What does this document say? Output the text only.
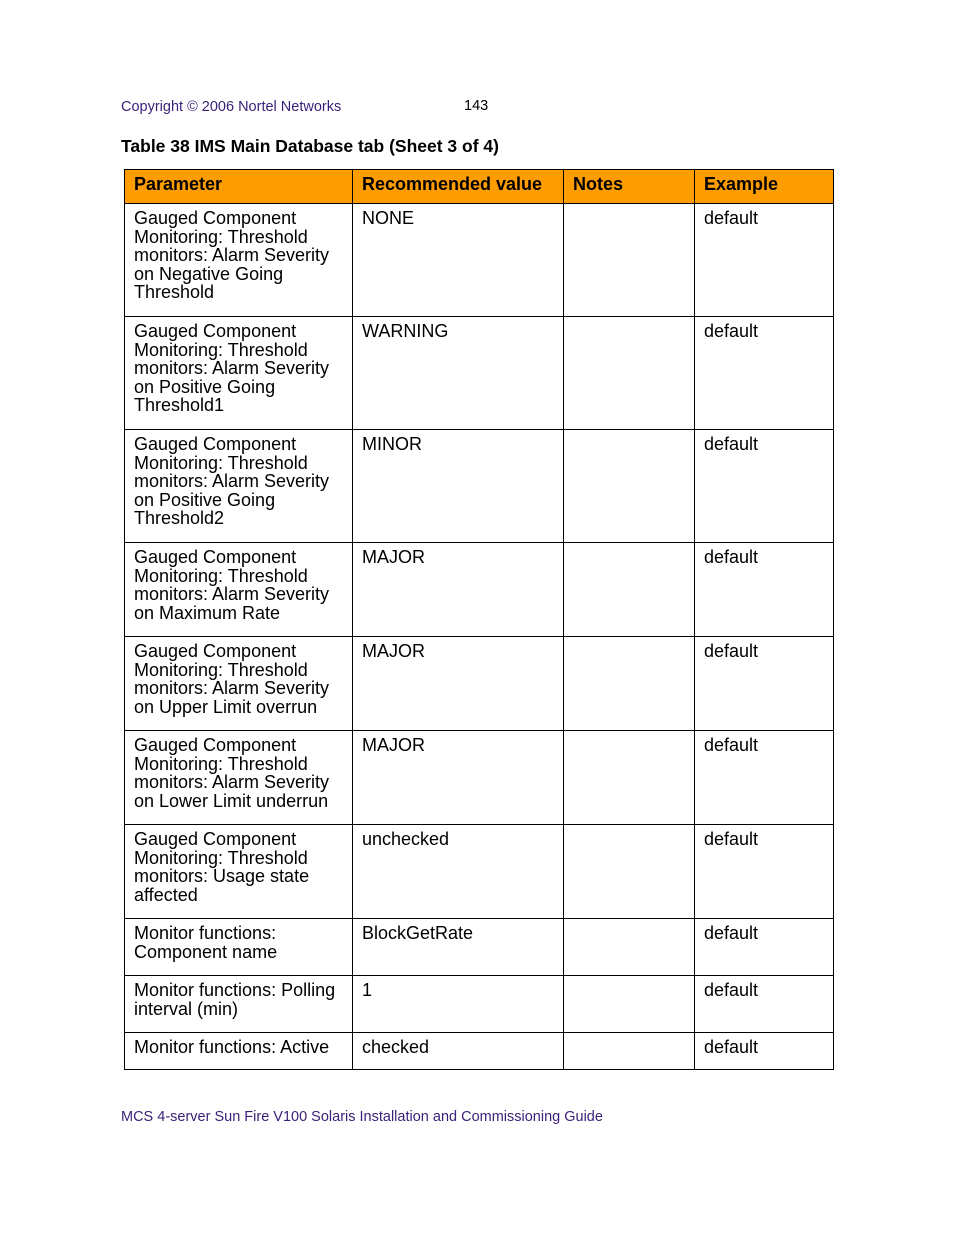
Copyright © 2006 Nortel Networks	143
Table 38 IMS Main Database tab (Sheet 3 of 4)
Parameter	Recommended value	Notes	Example
Gauged Component Monitoring: Threshold monitors: Alarm Severity on Negative Going Threshold	NONE		default
Gauged Component Monitoring: Threshold monitors: Alarm Severity on Positive Going Threshold1	WARNING		default
Gauged Component Monitoring: Threshold monitors: Alarm Severity on Positive Going Threshold2	MINOR		default
Gauged Component Monitoring: Threshold monitors: Alarm Severity on Maximum Rate	MAJOR		default
Gauged Component Monitoring: Threshold monitors: Alarm Severity on Upper Limit overrun	MAJOR		default
Gauged Component Monitoring: Threshold monitors: Alarm Severity on Lower Limit underrun	MAJOR		default
Gauged Component Monitoring: Threshold monitors: Usage state affected	unchecked		default
Monitor functions: Component name	BlockGetRate		default
Monitor functions: Polling interval (min)	1		default
Monitor functions: Active	checked		default
MCS 4-server Sun Fire V100 Solaris Installation and Commissioning Guide
